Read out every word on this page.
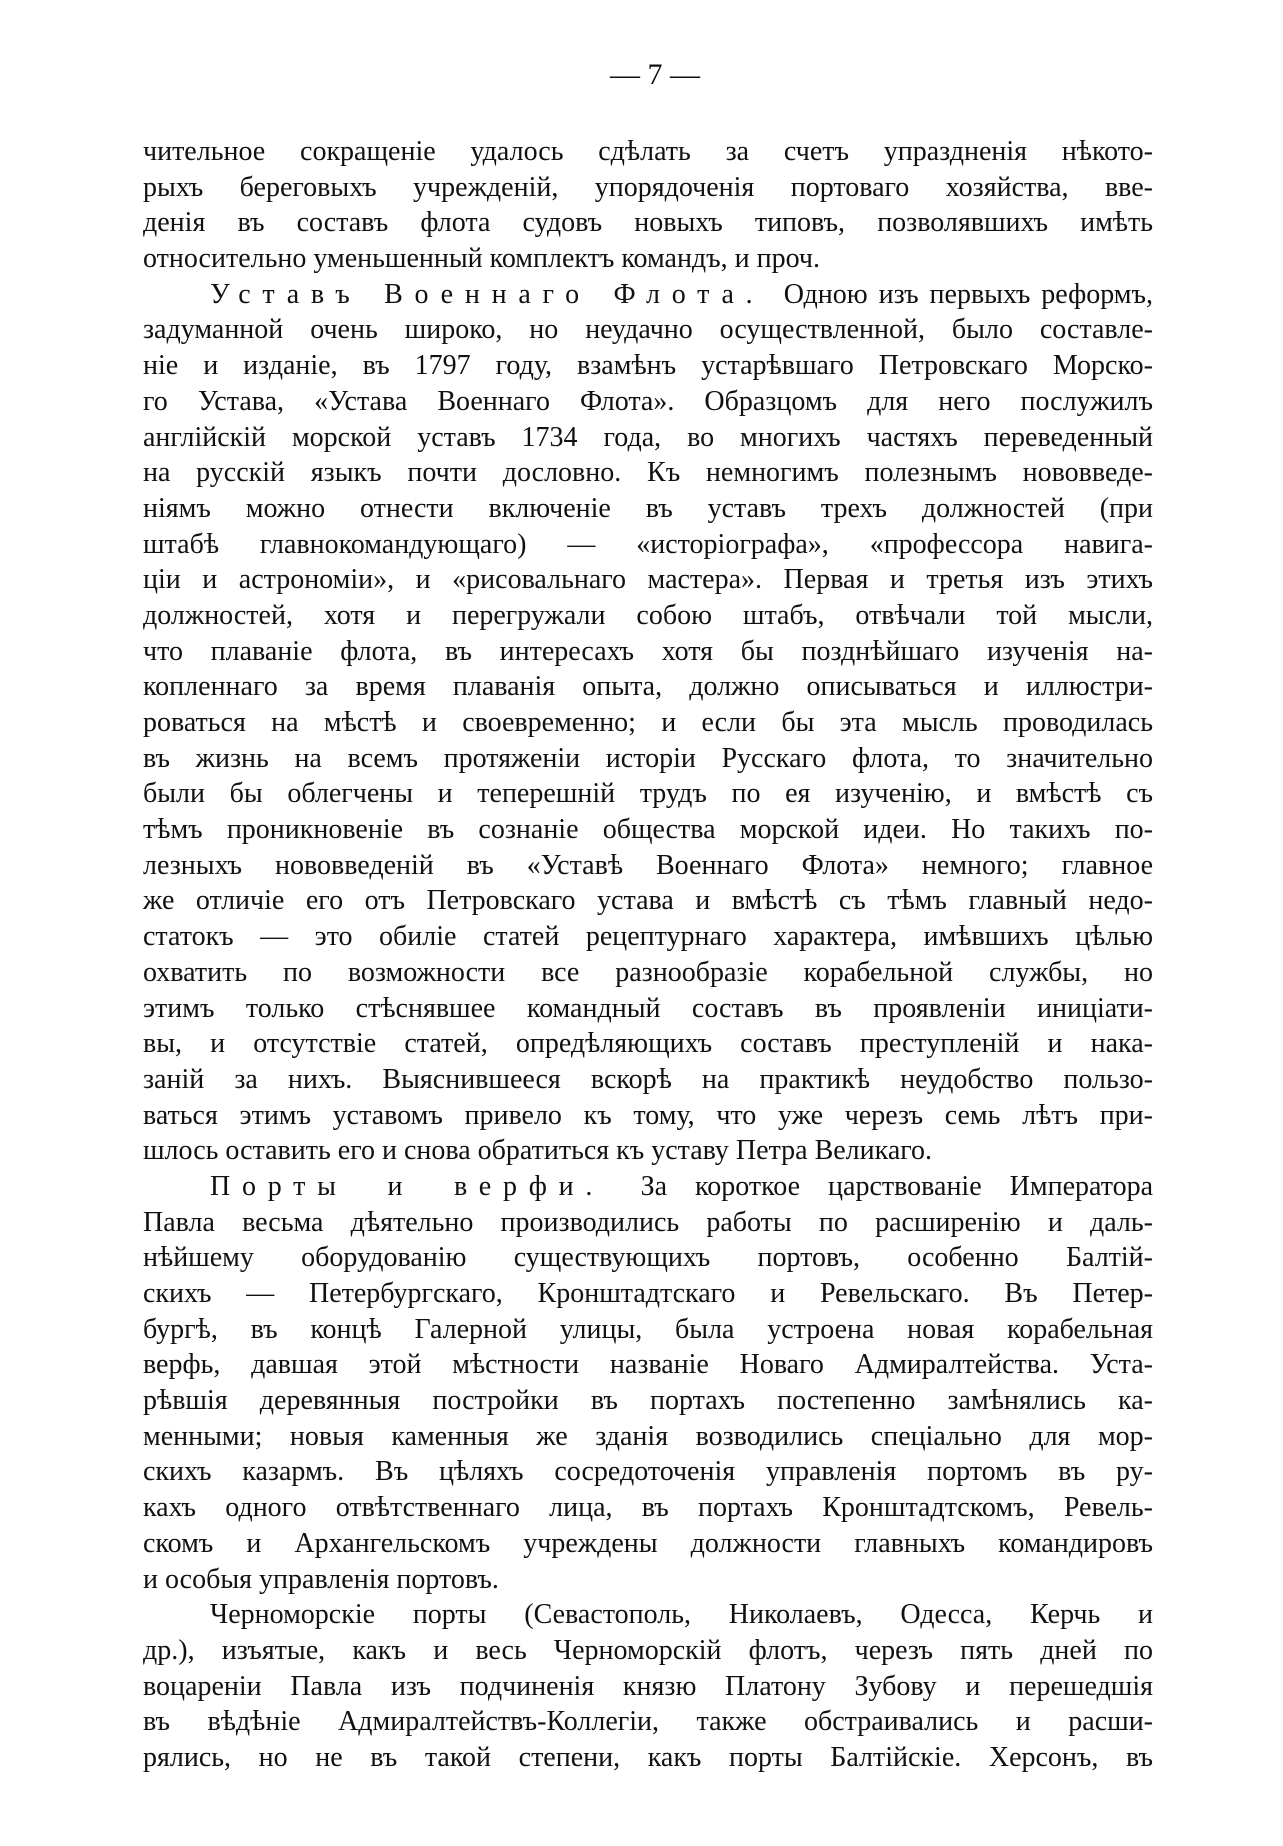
— 7 —
чительное сокращеніе удалось сдѣлать за счетъ упраздненія нѣкото-
рыхъ береговыхъ учрежденій, упорядоченія портоваго хозяйства, вве-
денія въ составъ флота судовъ новыхъ типовъ, позволявшихъ имѣть
относительно уменьшенный комплектъ командъ, и проч.
Уставъ Военнаго Флота. Одною изъ первыхъ реформъ,
задуманной очень широко, но неудачно осуществленной, было составле-
ніе и изданіе, въ 1797 году, взамѣнъ устарѣвшаго Петровскаго Морско-
го Устава, «Устава Военнаго Флота». Образцомъ для него послужилъ
англійскій морской уставъ 1734 года, во многихъ частяхъ переведенный
на русскій языкъ почти дословно. Къ немногимъ полезнымъ нововведе-
ніямъ можно отнести включеніе въ уставъ трехъ должностей (при
штабѣ главнокомандующаго) — «исторіографа», «профессора навига-
ціи и астрономіи», и «рисовальнаго мастера». Первая и третья изъ этихъ
должностей, хотя и перегружали собою штабъ, отвѣчали той мысли,
что плаваніе флота, въ интересахъ хотя бы позднѣйшаго изученія на-
копленнаго за время плаванія опыта, должно описываться и иллюстри-
роваться на мѣстѣ и своевременно; и если бы эта мысль проводилась
въ жизнь на всемъ протяженіи исторіи Русскаго флота, то значительно
были бы облегчены и теперешній трудъ по ея изученію, и вмѣстѣ съ
тѣмъ проникновеніе въ сознаніе общества морской идеи. Но такихъ по-
лезныхъ нововведеній въ «Уставѣ Военнаго Флота» немного; главное
же отличіе его отъ Петровскаго устава и вмѣстѣ съ тѣмъ главный недо-
статокъ — это обиліе статей рецептурнаго характера, имѣвшихъ цѣлью
охватить по возможности все разнообразіе корабельной службы, но
этимъ только стѣснявшее командный составъ въ проявленіи иниціати-
вы, и отсутствіе статей, опредѣляющихъ составъ преступленій и нака-
заній за нихъ. Выяснившееся вскорѣ на практикѣ неудобство пользо-
ваться этимъ уставомъ привело къ тому, что уже черезъ семь лѣтъ при-
шлось оставить его и снова обратиться къ уставу Петра Великаго.
Порты и верфи. За короткое царствованіе Императора
Павла весьма дѣятельно производились работы по расширенію и даль-
нѣйшему оборудованію существующихъ портовъ, особенно Балтій-
скихъ — Петербургскаго, Кронштадтскаго и Ревельскаго. Въ Петер-
бургѣ, въ концѣ Галерной улицы, была устроена новая корабельная
верфь, давшая этой мѣстности названіе Новаго Адмиралтейства. Уста-
рѣвшія деревянныя постройки въ портахъ постепенно замѣнялись ка-
менными; новыя каменныя же зданія возводились спеціально для мор-
скихъ казармъ. Въ цѣляхъ сосредоточенія управленія портомъ въ ру-
кахъ одного отвѣтственнаго лица, въ портахъ Кронштадтскомъ, Ревель-
скомъ и Архангельскомъ учреждены должности главныхъ командировъ
и особыя управленія портовъ.
Черноморскіе порты (Севастополь, Николаевъ, Одесса, Керчь и
др.), изъятые, какъ и весь Черноморскій флотъ, черезъ пять дней по
воцареніи Павла изъ подчиненія князю Платону Зубову и перешедшія
въ вѣдѣніе Адмиралтействъ-Коллегіи, также обстраивались и расши-
рялись, но не въ такой степени, какъ порты Балтійскіе. Херсонъ, въ
